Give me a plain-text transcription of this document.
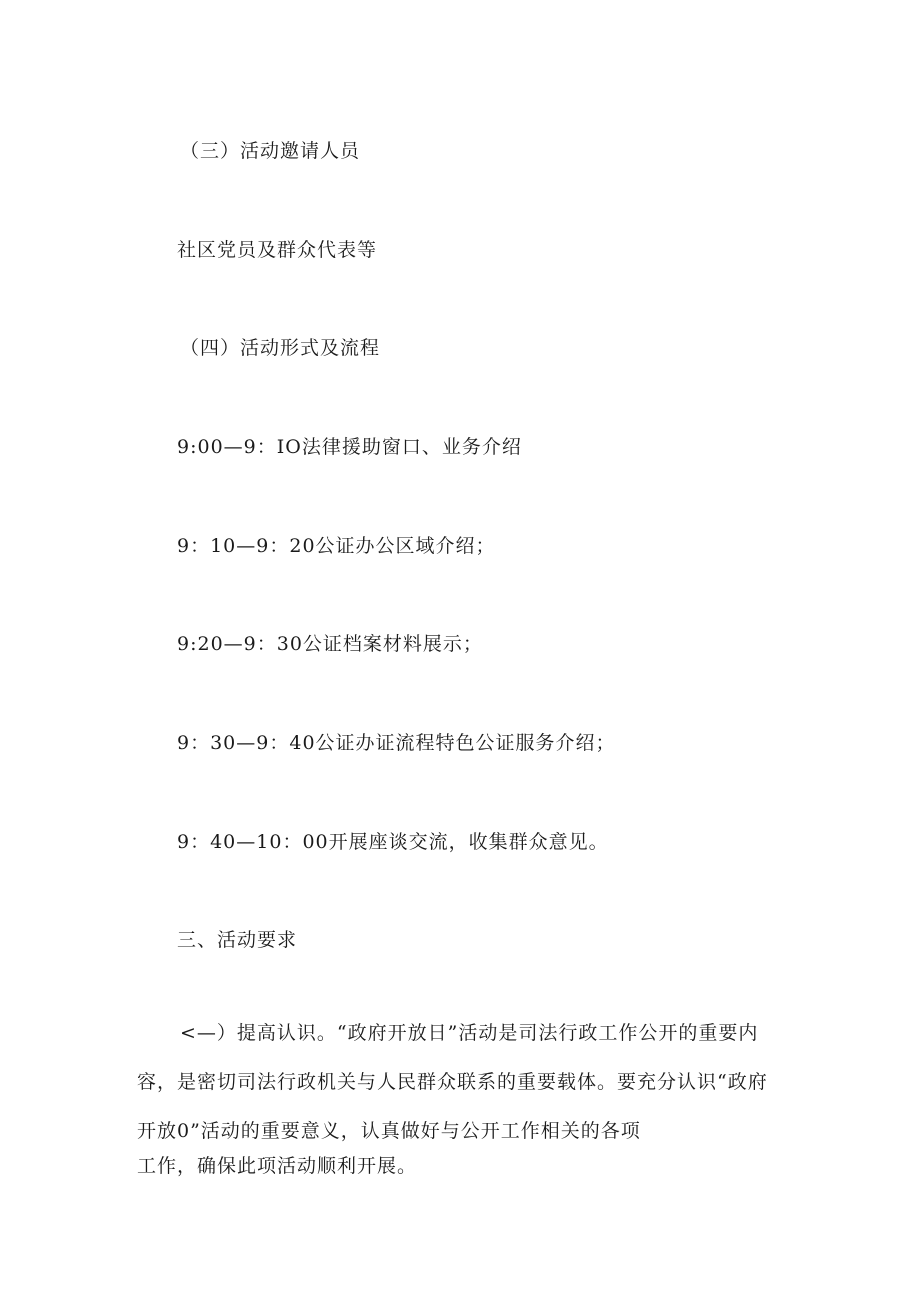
（三）活动邀请人员
社区党员及群众代表等
（四）活动形式及流程
9:00—9：IO法律援助窗口、业务介绍
9：10—9：20公证办公区域介绍；
9:20—9：30公证档案材料展示；
9：30—9：40公证办证流程特色公证服务介绍；
9：40—10：00开展座谈交流，收集群众意见。
三、活动要求
<—）提高认识。“政府开放日”活动是司法行政工作公开的重要内
容，是密切司法行政机关与人民群众联系的重要载体。要充分认识“政府
开放0”活动的重要意义，认真做好与公开工作相关的各项
工作，确保此项活动顺利开展。
